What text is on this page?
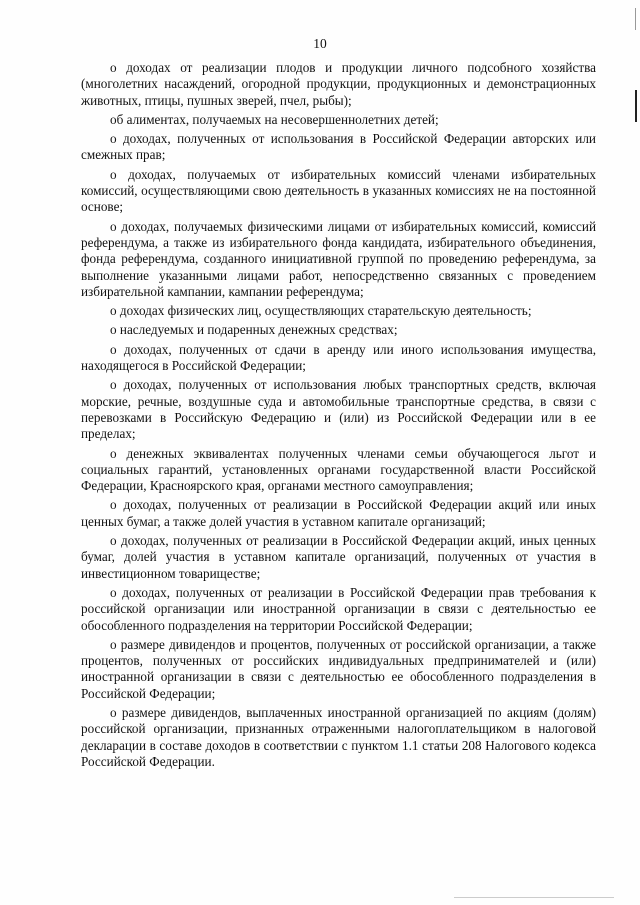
10

о доходах от реализации плодов и продукции личного подсобного хозяйства (многолетних насаждений, огородной продукции, продукционных и демонстрационных животных, птицы, пушных зверей, пчел, рыбы);

об алиментах, получаемых на несовершеннолетних детей;

о доходах, полученных от использования в Российской Федерации авторских или смежных прав;

о доходах, получаемых от избирательных комиссий членами избирательных комиссий, осуществляющими свою деятельность в указанных комиссиях не на постоянной основе;

о доходах, получаемых физическими лицами от избирательных комиссий, комиссий референдума, а также из избирательного фонда кандидата, избирательного объединения, фонда референдума, созданного инициативной группой по проведению референдума, за выполнение указанными лицами работ, непосредственно связанных с проведением избирательной кампании, кампании референдума;

о доходах физических лиц, осуществляющих старательскую деятельность;

о наследуемых и подаренных денежных средствах;

о доходах, полученных от сдачи в аренду или иного использования имущества, находящегося в Российской Федерации;

о доходах, полученных от использования любых транспортных средств, включая морские, речные, воздушные суда и автомобильные транспортные средства, в связи с перевозками в Российскую Федерацию и (или) из Российской Федерации или в ее пределах;

о денежных эквивалентах полученных членами семьи обучающегося льгот и социальных гарантий, установленных органами государственной власти Российской Федерации, Красноярского края, органами местного самоуправления;

о доходах, полученных от реализации в Российской Федерации акций или иных ценных бумаг, а также долей участия в уставном капитале организаций;

о доходах, полученных от реализации в Российской Федерации акций, иных ценных бумаг, долей участия в уставном капитале организаций, полученных от участия в инвестиционном товариществе;

о доходах, полученных от реализации в Российской Федерации прав требования к российской организации или иностранной организации в связи с деятельностью ее обособленного подразделения на территории Российской Федерации;

о размере дивидендов и процентов, полученных от российской организации, а также процентов, полученных от российских индивидуальных предпринимателей и (или) иностранной организации в связи с деятельностью ее обособленного подразделения в Российской Федерации;

о размере дивидендов, выплаченных иностранной организацией по акциям (долям) российской организации, признанных отраженными налогоплательщиком в налоговой декларации в составе доходов в соответствии с пунктом 1.1 статьи 208 Налогового кодекса Российской Федерации.
